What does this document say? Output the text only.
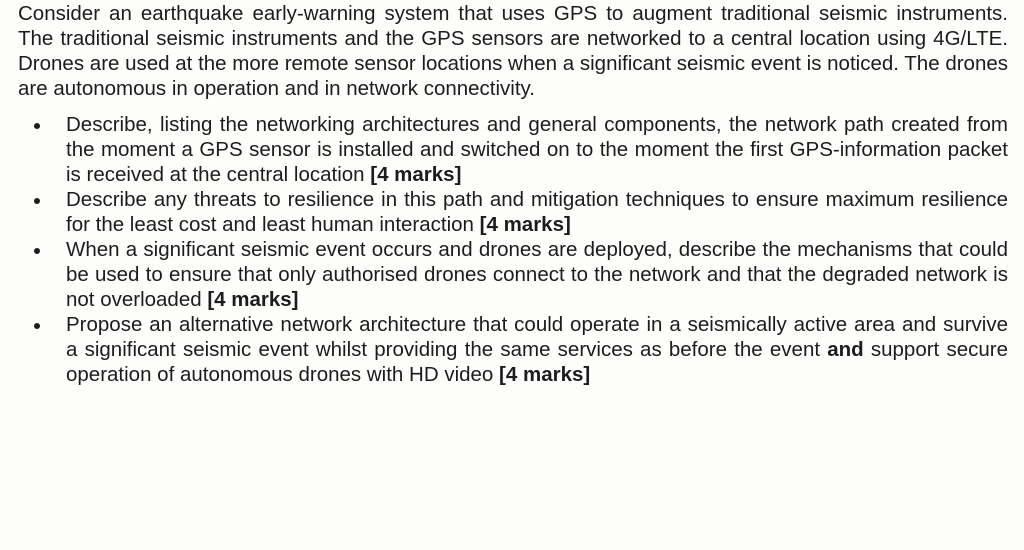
Consider an earthquake early-warning system that uses GPS to augment traditional seismic instruments. The traditional seismic instruments and the GPS sensors are networked to a central location using 4G/LTE. Drones are used at the more remote sensor locations when a significant seismic event is noticed. The drones are autonomous in operation and in network connectivity.

Describe, listing the networking architectures and general components, the network path created from the moment a GPS sensor is installed and switched on to the moment the first GPS-information packet is received at the central location [4 marks]
Describe any threats to resilience in this path and mitigation techniques to ensure maximum resilience for the least cost and least human interaction [4 marks]
When a significant seismic event occurs and drones are deployed, describe the mechanisms that could be used to ensure that only authorised drones connect to the network and that the degraded network is not overloaded [4 marks]
Propose an alternative network architecture that could operate in a seismically active area and survive a significant seismic event whilst providing the same services as before the event and support secure operation of autonomous drones with HD video [4 marks]
